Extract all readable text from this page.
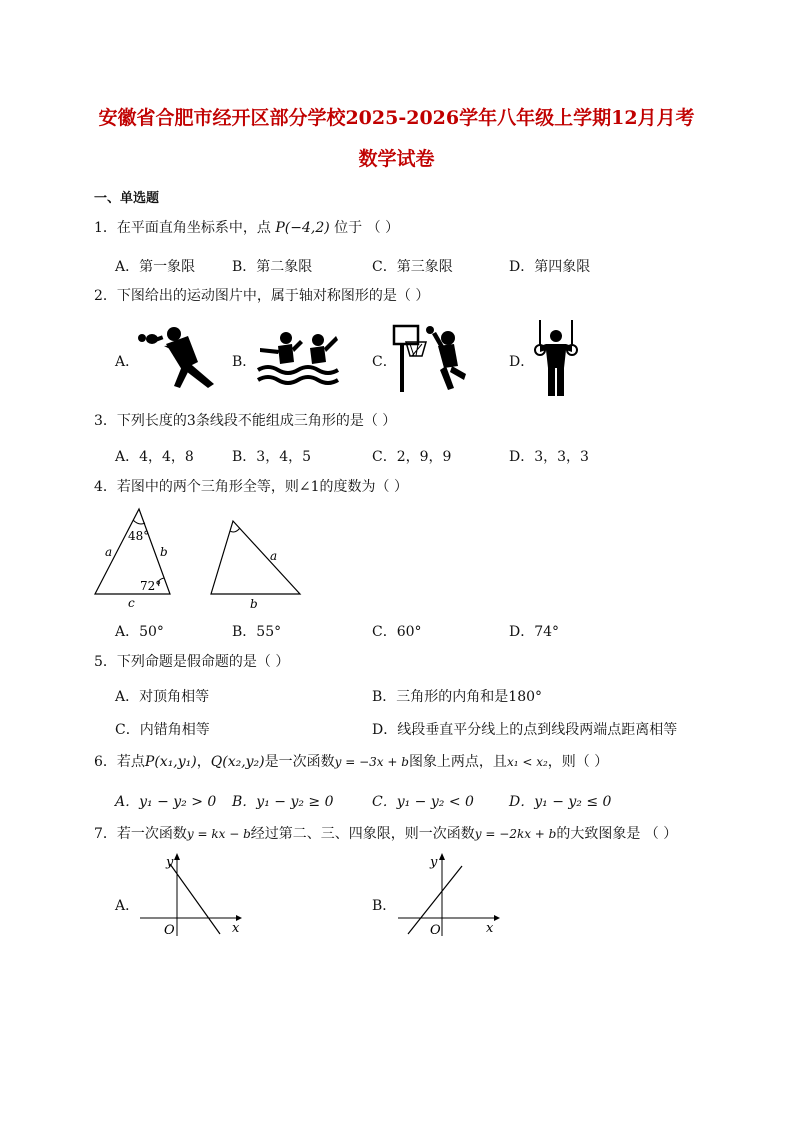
安徽省合肥市经开区部分学校2025-2026学年八年级上学期12月月考
数学试卷
一、单选题
1．在平面直角坐标系中，点 P(−4,2) 位于 （ ）
A．第一象限	B．第二象限	C．第三象限	D．第四象限
2．下图给出的运动图片中，属于轴对称图形的是（ ）
A．	B．	C．	D．
3．下列长度的3条线段不能组成三角形的是（ ）
A．4，4，8	B．3，4，5	C．2，9，9	D．3，3，3
4．若图中的两个三角形全等，则∠1的度数为（ ）
48°
72°
a	b
c
a
b
A．50°	B．55°	C．60°	D．74°
5．下列命题是假命题的是（ ）
A．对顶角相等	B．三角形的内角和是180°
C．内错角相等	D．线段垂直平分线上的点到线段两端点距离相等
6．若点P(x₁,y₁)，Q(x₂,y₂)是一次函数y = −3x + b图象上两点，且x₁ < x₂，则（ ）
A．y₁ − y₂ > 0 B．y₁ − y₂ ≥ 0	C．y₁ − y₂ < 0	D．y₁ − y₂ ≤ 0
7．若一次函数y = kx − b经过第二、三、四象限，则一次函数y = −2kx + b的大致图象是 （ ）
A．	B．
y
x
O
y
x
O
